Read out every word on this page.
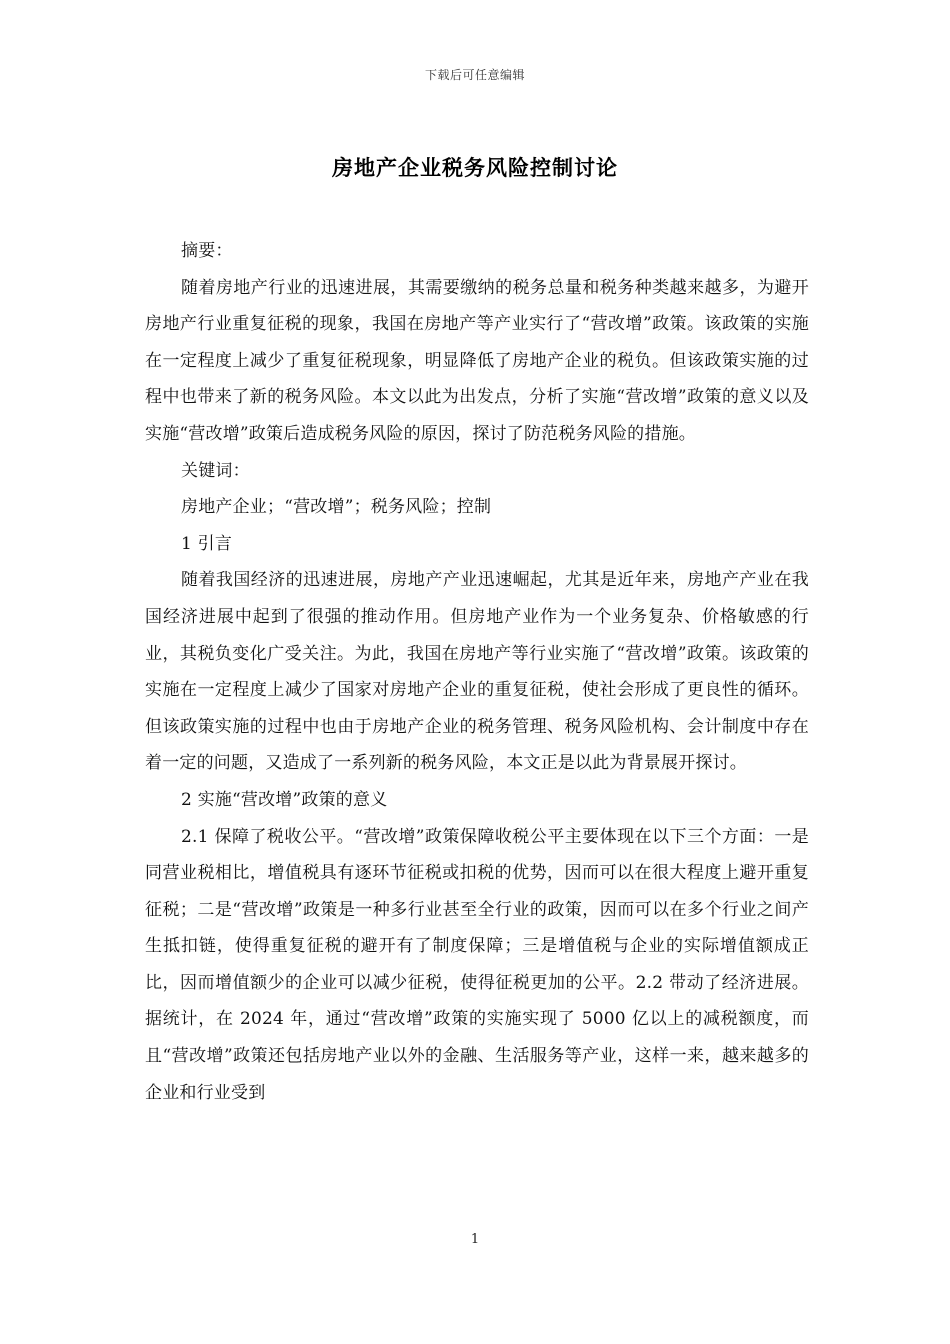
下载后可任意编辑
房地产企业税务风险控制讨论

摘要：

随着房地产行业的迅速进展，其需要缴纳的税务总量和税务种类越来越多，为避开房地产行业重复征税的现象，我国在房地产等产业实行了“营改增”政策。该政策的实施在一定程度上减少了重复征税现象，明显降低了房地产企业的税负。但该政策实施的过程中也带来了新的税务风险。本文以此为出发点，分析了实施“营改增”政策的意义以及实施“营改增”政策后造成税务风险的原因，探讨了防范税务风险的措施。

关键词：

房地产企业；“营改增”；税务风险；控制

1 引言

随着我国经济的迅速进展，房地产产业迅速崛起，尤其是近年来，房地产产业在我国经济进展中起到了很强的推动作用。但房地产业作为一个业务复杂、价格敏感的行业，其税负变化广受关注。为此，我国在房地产等行业实施了“营改增”政策。该政策的实施在一定程度上减少了国家对房地产企业的重复征税，使社会形成了更良性的循环。但该政策实施的过程中也由于房地产企业的税务管理、税务风险机构、会计制度中存在着一定的问题，又造成了一系列新的税务风险，本文正是以此为背景展开探讨。

2 实施“营改增”政策的意义

2.1 保障了税收公平。“营改增”政策保障收税公平主要体现在以下三个方面：一是同营业税相比，增值税具有逐环节征税或扣税的优势，因而可以在很大程度上避开重复征税；二是“营改增”政策是一种多行业甚至全行业的政策，因而可以在多个行业之间产生抵扣链，使得重复征税的避开有了制度保障；三是增值税与企业的实际增值额成正比，因而增值额少的企业可以减少征税，使得征税更加的公平。2.2 带动了经济进展。据统计，在 2024 年，通过“营改增”政策的实施实现了 5000 亿以上的减税额度，而且“营改增”政策还包括房地产业以外的金融、生活服务等产业，这样一来，越来越多的企业和行业受到

1
